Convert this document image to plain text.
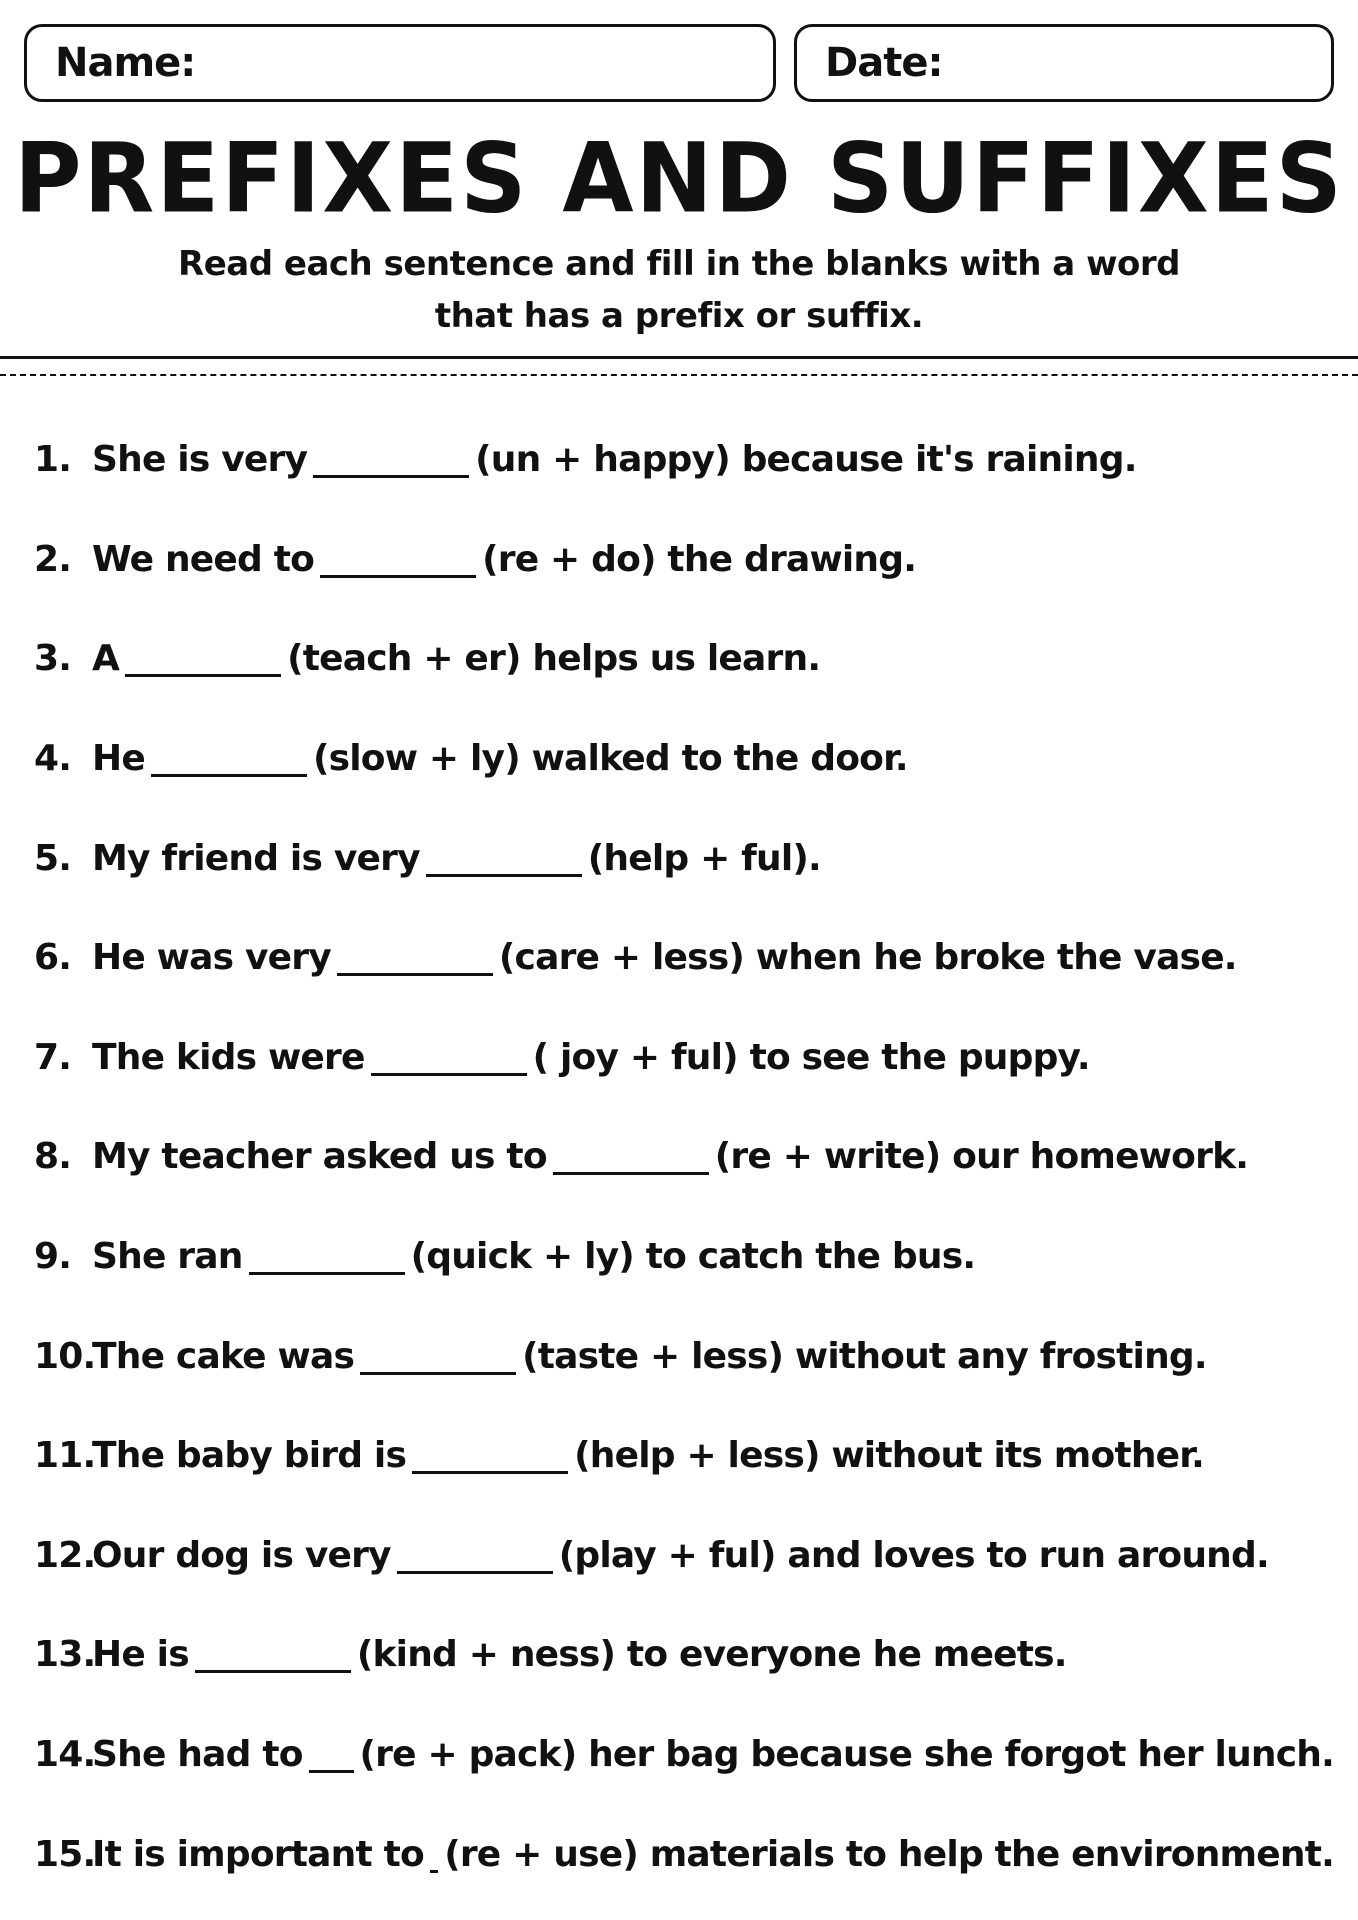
Name:	Date:
PREFIXES AND SUFFIXES
Read each sentence and fill in the blanks with a word
that has a prefix or suffix.
1. She is very	(un + happy) because it's raining.
2. We need to	(re + do) the drawing.
3. A	(teach + er) helps us learn.
4. He	(slow + ly) walked to the door.
5. My friend is very	(help + ful).
6. He was very	(care + less) when he broke the vase.
7. The kids were	( joy + ful) to see the puppy.
8. My teacher asked us to	(re + write) our homework.
9. She ran	(quick + ly) to catch the bus.
10.
The cake was	(taste + less) without any frosting.
11.
The baby bird is	(help + less) without its mother.
12.
Our dog is very	(play + ful) and loves to run around.
13.
He is	(kind + ness) to everyone he meets.
14.
She had to (re + pack) her bag because she forgot her lunch.
15.
It is important to (re + use) materials to help the environment.
